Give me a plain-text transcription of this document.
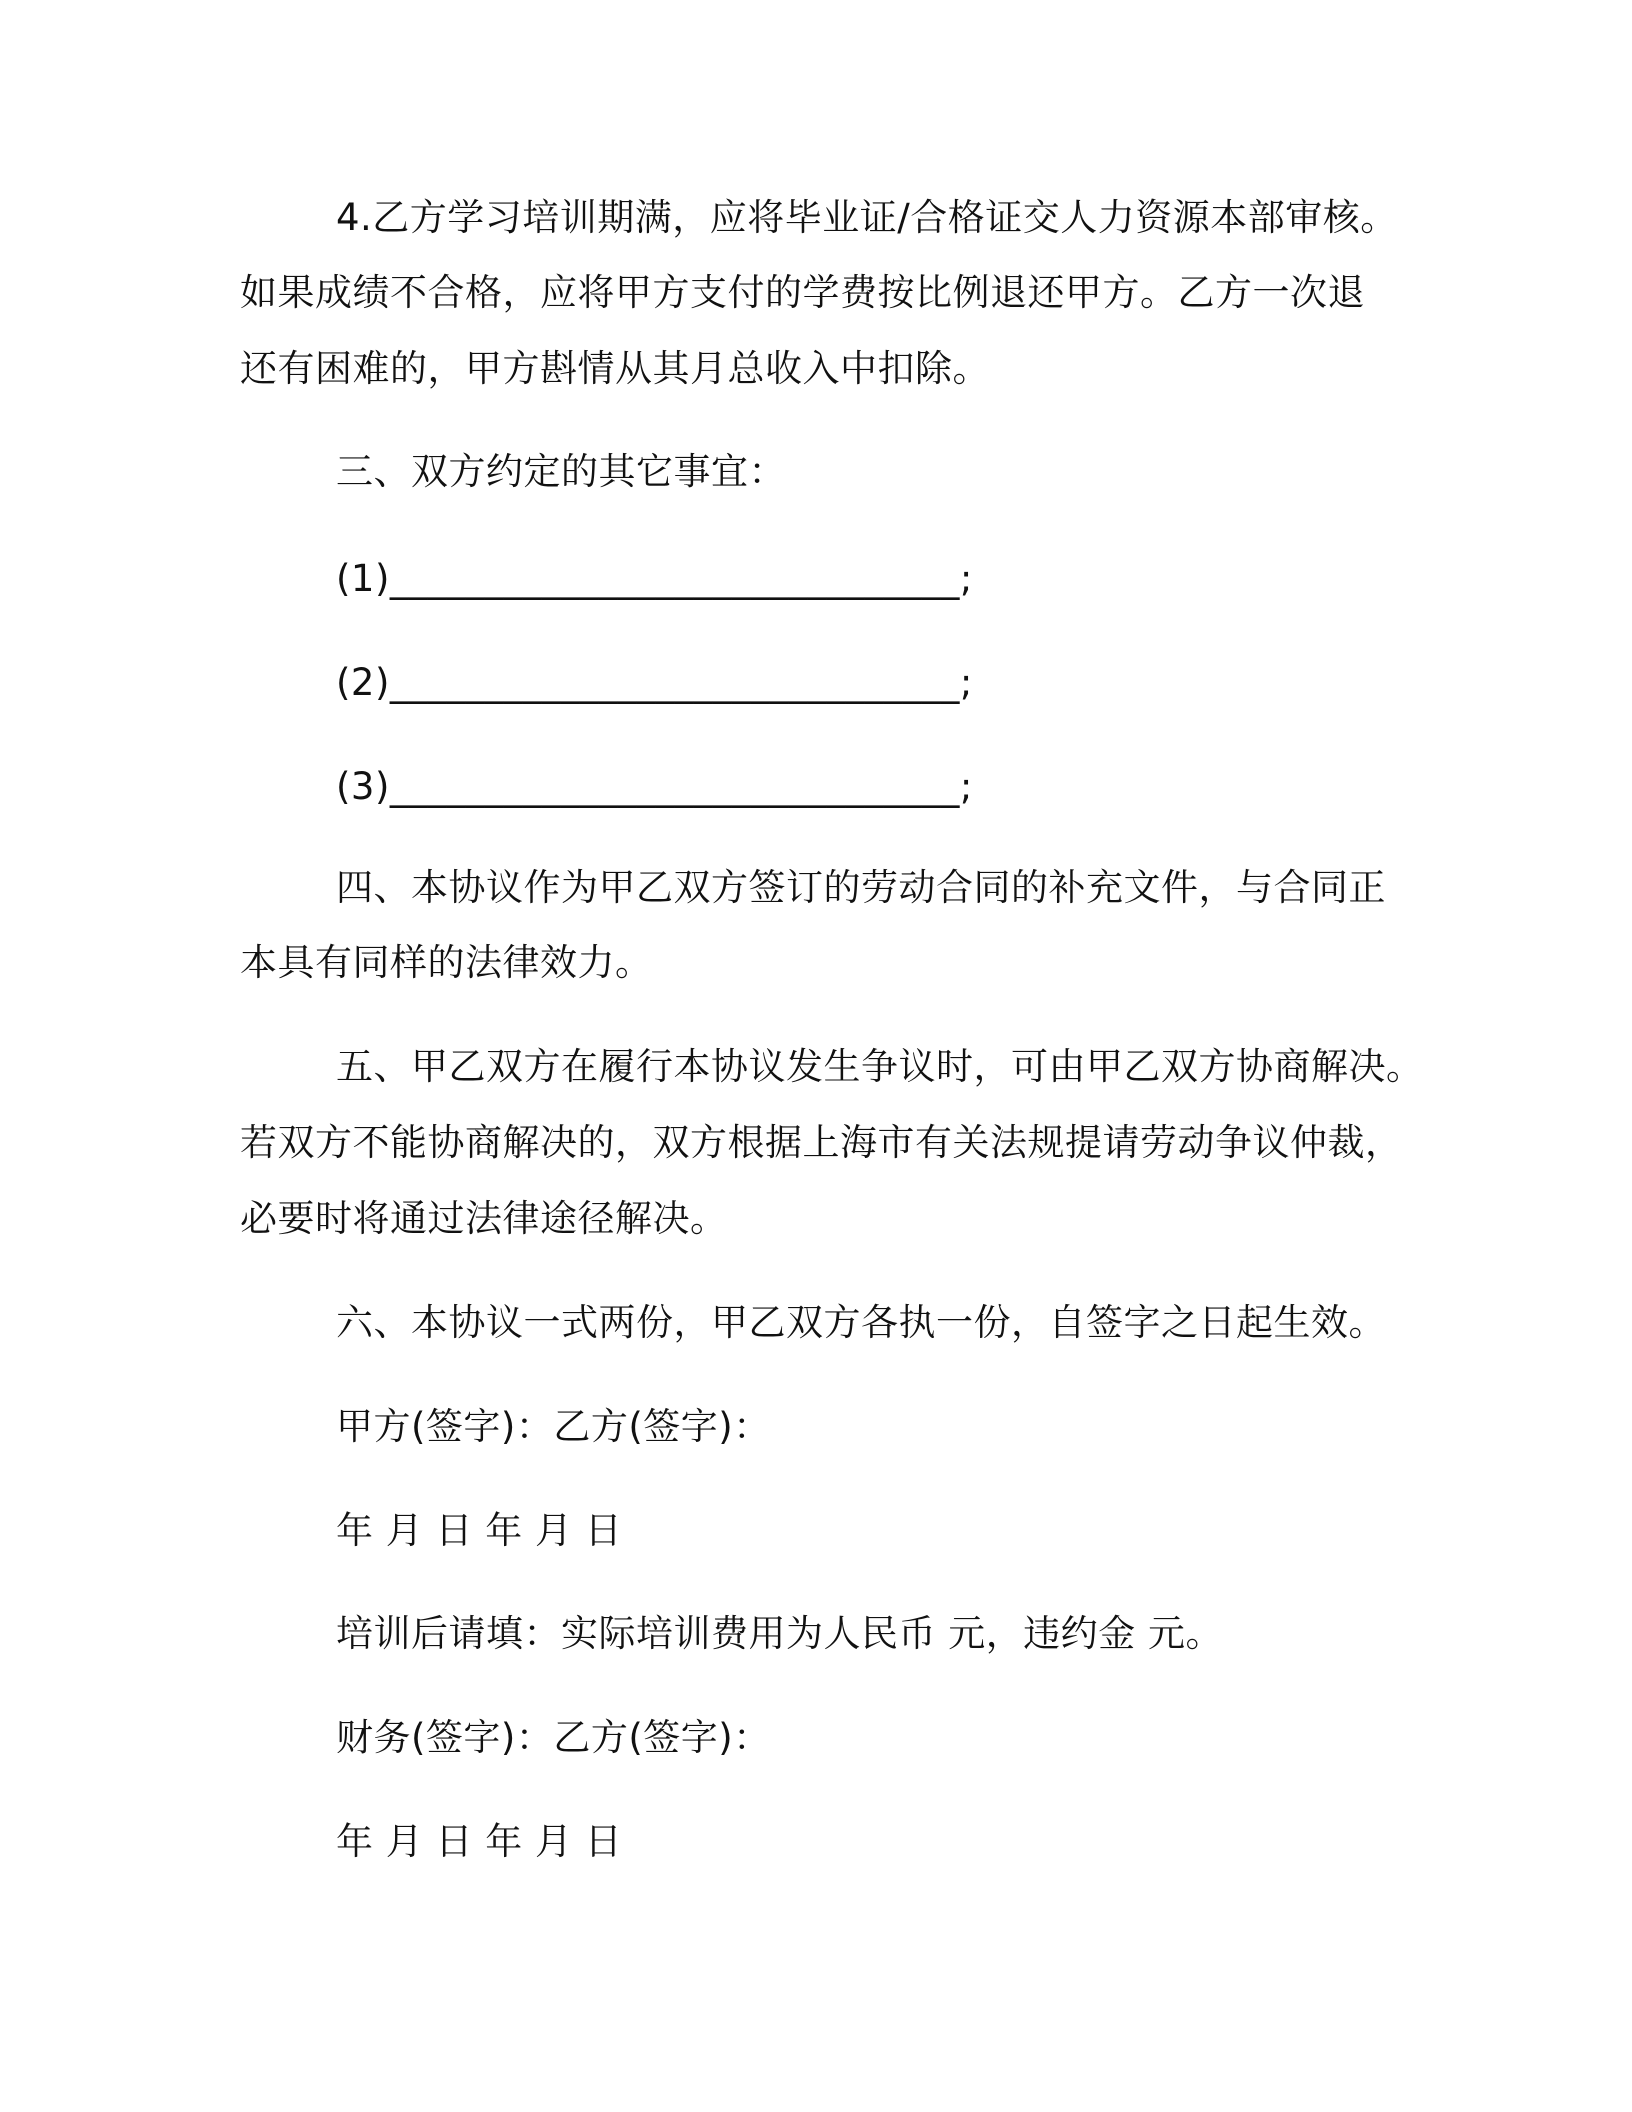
4.乙方学习培训期满，应将毕业证/合格证交人力资源本部审核。
如果成绩不合格，应将甲方支付的学费按比例退还甲方。乙方一次退
还有困难的，甲方斟情从其月总收入中扣除。
三、双方约定的其它事宜：
(1)______________________________;
(2)______________________________;
(3)______________________________;
四、本协议作为甲乙双方签订的劳动合同的补充文件，与合同正
本具有同样的法律效力。
五、甲乙双方在履行本协议发生争议时，可由甲乙双方协商解决。
若双方不能协商解决的，双方根据上海市有关法规提请劳动争议仲裁，
必要时将通过法律途径解决。
六、本协议一式两份，甲乙双方各执一份，自签字之日起生效。
甲方(签字)：乙方(签字)：
年 月 日 年 月 日
培训后请填：实际培训费用为人民币 元，违约金 元。
财务(签字)：乙方(签字)：
年 月 日 年 月 日
